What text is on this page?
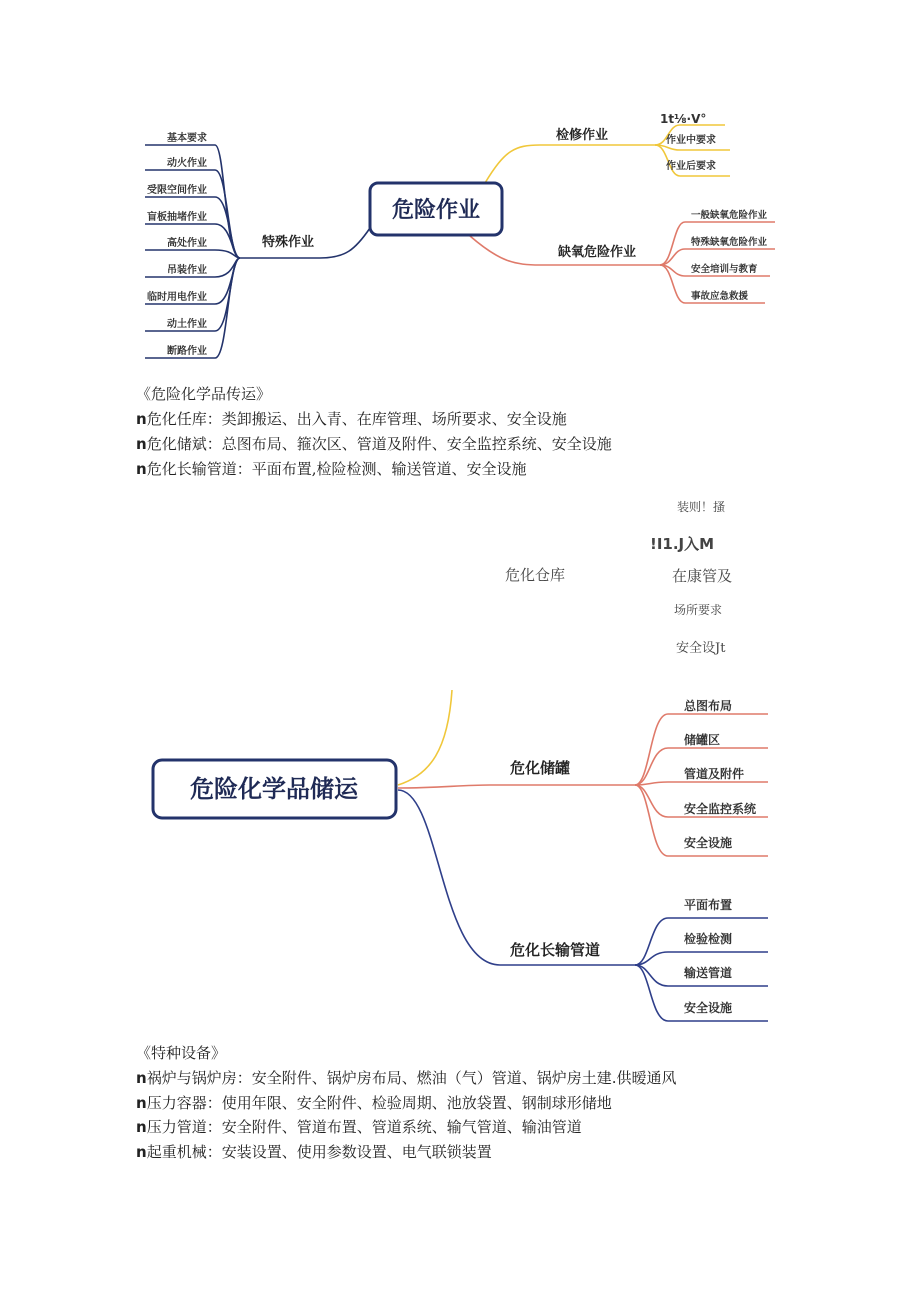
危险作业
特殊作业
检修作业
缺氧危险作业
基本要求
动火作业
受限空间作业
盲板抽堵作业
高处作业
吊装作业
临时用电作业
动土作业
断路作业
1t⅛·V°
作业中要求
作业后要求
一般缺氧危险作业
特殊缺氧危险作业
安全培训与教育
事故应急救援
《危险化学品传运》
n危化任库：类卸搬运、出入青、在库管理、场所要求、安全设施
n危化储斌：总图布局、箍次区、管道及附件、安全监控系统、安全设施
n危化长输管道：平面布置,检险检测、输送管道、安全设施
装则！搔
!I1.J入M
危化仓库	在康管及
场所要求
安全设Jt
危险化学品储运
危化储罐
危化长输管道
总图布局
储罐区
管道及附件
安全监控系统
安全设施
平面布置
检验检测
输送管道
安全设施
《特种设备》
n祸炉与锅炉房：安全附件、锅炉房布局、燃油（气）管道、锅炉房土建.供暧通风
n压力容器：使用年限、安全附件、检验周期、池放袋置、钢制球形储地
n压力管道：安全附件、管道布置、管道系统、输气管道、输油管道
n起重机械：安装设置、使用参数设置、电气联锁装置
